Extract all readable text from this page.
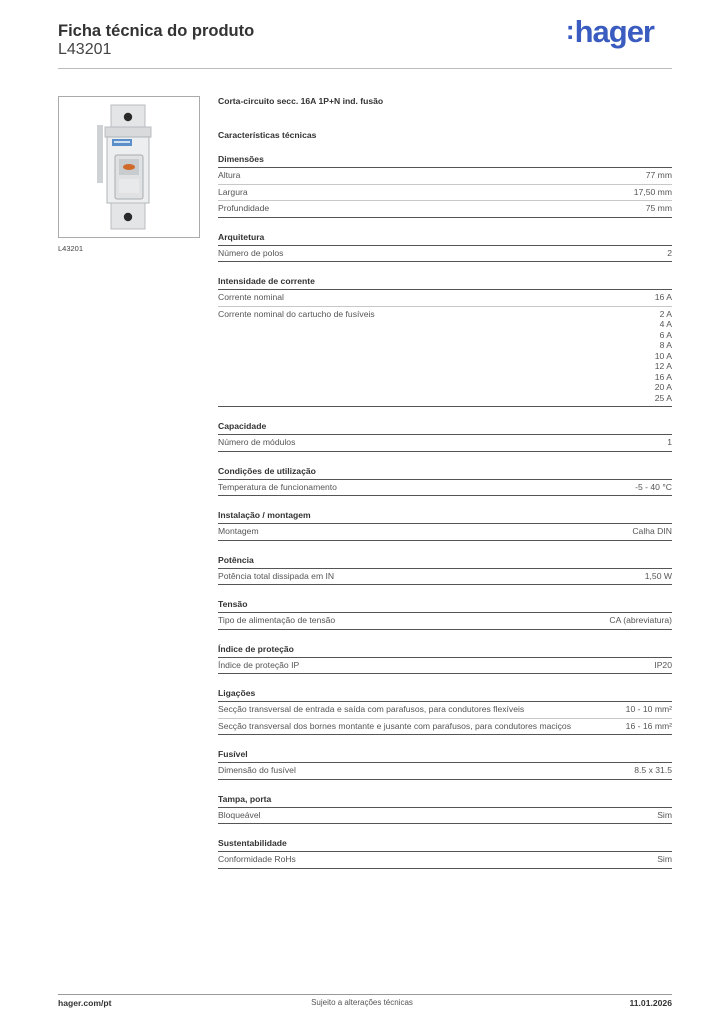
Ficha técnica do produto
L43201
:hager
L43201
Corta-circuito secc. 16A 1P+N ind. fusão
Características técnicas
Dimensões
Altura	77 mm
Largura	17,50 mm
Profundidade	75 mm
Arquitetura
Número de polos	2
Intensidade de corrente
Corrente nominal	16 A
Corrente nominal do cartucho de fusíveis	2 A
4 A
6 A
8 A
10 A
12 A
16 A
20 A
25 A
Capacidade
Número de módulos	1
Condições de utilização
Temperatura de funcionamento	-5 - 40 °C
Instalação / montagem
Montagem	Calha DIN
Potência
Potência total dissipada em IN	1,50 W
Tensão
Tipo de alimentação de tensão	CA (abreviatura)
Índice de proteção
Índice de proteção IP	IP20
Ligações
Secção transversal de entrada e saída com parafusos, para condutores flexíveis	10 - 10 mm²
Secção transversal dos bornes montante e jusante com parafusos, para condutores maciços	16 - 16 mm²
Fusível
Dimensão do fusível	8.5 x 31.5
Tampa, porta
Bloqueável	Sim
Sustentabilidade
Conformidade RoHs	Sim
hager.com/pt	Sujeito a alterações técnicas	11.01.2026
